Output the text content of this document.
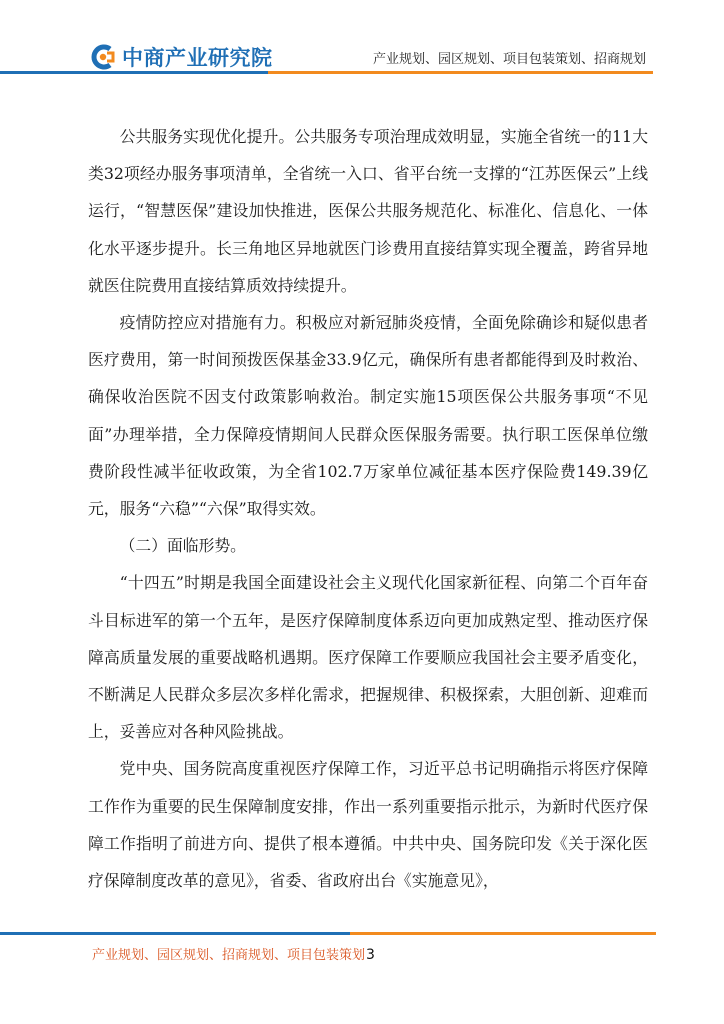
中商产业研究院	产业规划、园区规划、项目包装策划、招商规划

公共服务实现优化提升。公共服务专项治理成效明显，实施全省统一的11大类32项经办服务事项清单，全省统一入口、省平台统一支撑的“江苏医保云”上线运行，“智慧医保”建设加快推进，医保公共服务规范化、标准化、信息化、一体化水平逐步提升。长三角地区异地就医门诊费用直接结算实现全覆盖，跨省异地就医住院费用直接结算质效持续提升。

疫情防控应对措施有力。积极应对新冠肺炎疫情，全面免除确诊和疑似患者医疗费用，第一时间预拨医保基金33.9亿元，确保所有患者都能得到及时救治、确保收治医院不因支付政策影响救治。制定实施15项医保公共服务事项“不见面”办理举措，全力保障疫情期间人民群众医保服务需要。执行职工医保单位缴费阶段性减半征收政策，为全省102.7万家单位减征基本医疗保险费149.39亿元，服务“六稳”“六保”取得实效。

（二）面临形势。

“十四五”时期是我国全面建设社会主义现代化国家新征程、向第二个百年奋斗目标进军的第一个五年，是医疗保障制度体系迈向更加成熟定型、推动医疗保障高质量发展的重要战略机遇期。医疗保障工作要顺应我国社会主要矛盾变化，不断满足人民群众多层次多样化需求，把握规律、积极探索，大胆创新、迎难而上，妥善应对各种风险挑战。

党中央、国务院高度重视医疗保障工作，习近平总书记明确指示将医疗保障工作作为重要的民生保障制度安排，作出一系列重要指示批示，为新时代医疗保障工作指明了前进方向、提供了根本遵循。中共中央、国务院印发《关于深化医疗保障制度改革的意见》，省委、省政府出台《实施意见》，

产业规划、园区规划、招商规划、项目包装策划3
